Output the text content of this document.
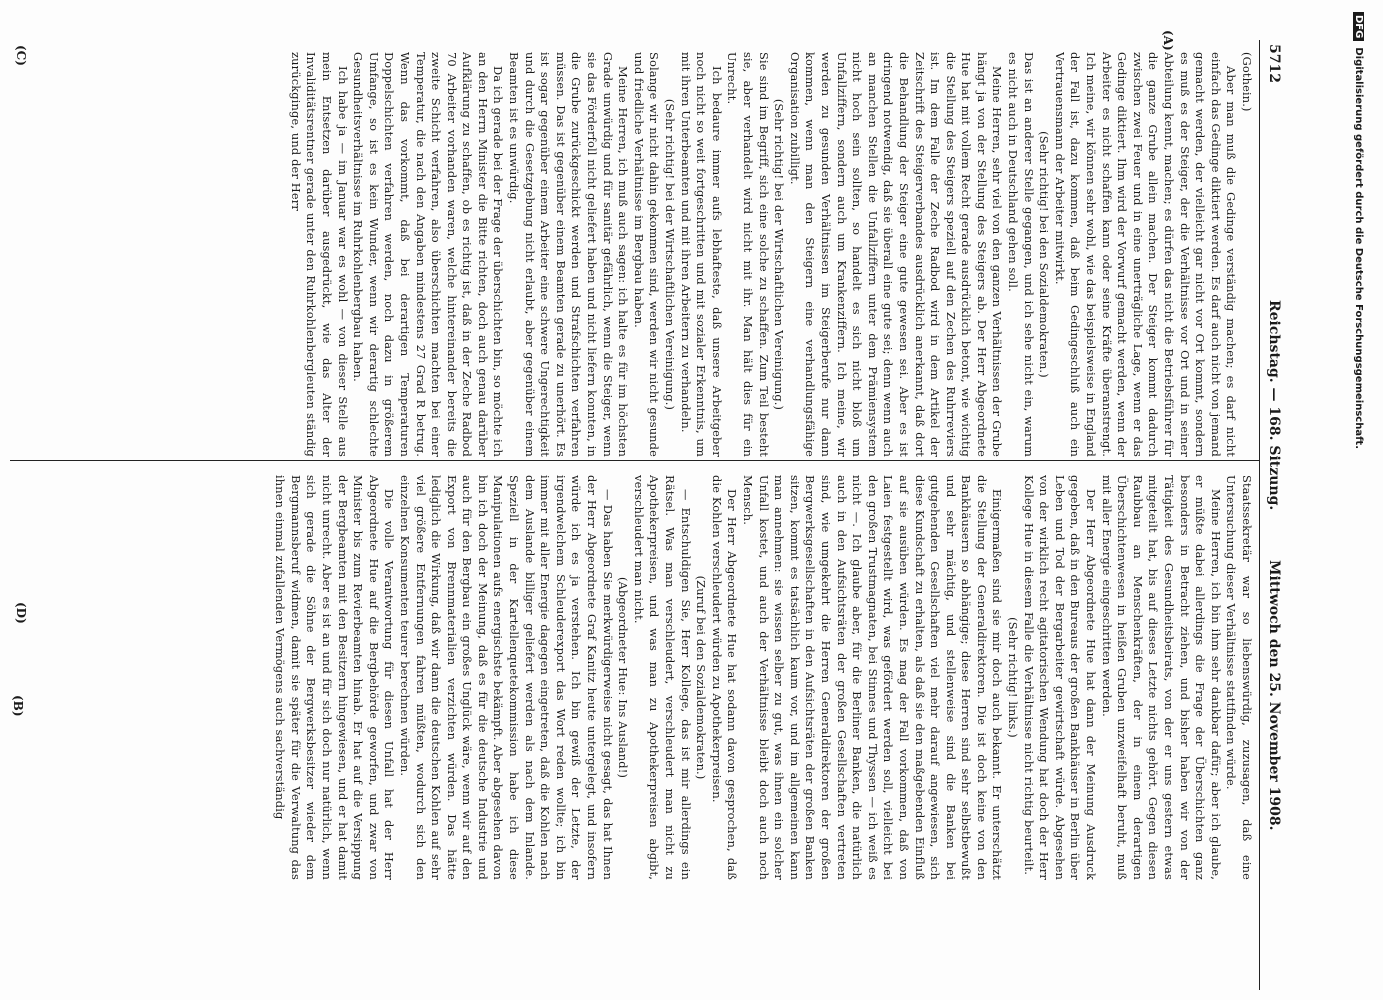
5712
Reichstag. — 168. Sitzung.
Mittwoch den 25. November 1908.
(A)
(B)
(C)
(D)

(Gothein.)

Aber man muß die Gedinge verständig machen; es darf nicht einfach das Gedinge diktiert werden. Es darf auch nicht von jemand gemacht werden, der vielleicht gar nicht vor Ort kommt, sondern es muß es der Steiger, der die Verhältnisse vor Ort und in seiner Abteilung kennt, machen; es dürfen das nicht die Betriebsführer für die ganze Grube allein machen. Der Steiger kommt dadurch zwischen zwei Feuer und in eine unerträgliche Lage, wenn er das Gedinge diktiert. Ihm wird der Vorwurf gemacht werden, wenn der Arbeiter es nicht schaffen kann oder seine Kräfte überanstrengt. Ich meine, wir können sehr wohl, wie das beispielsweise in England der Fall ist, dazu kommen, daß beim Gedingeschluß auch ein Vertrauensmann der Arbeiter mitwirkt.

(Sehr richtig! bei den Sozialdemokraten.)

Das ist an anderer Stelle gegangen, und ich sehe nicht ein, warum es nicht auch in Deutschland gehen soll.

Meine Herren, sehr viel von den ganzen Verhältnissen der Grube hängt ja von der Stellung des Steigers ab. Der Herr Abgeordnete Hue hat mit vollem Recht gerade ausdrücklich betont, wie wichtig die Stellung des Steigers speziell auf den Zechen des Ruhrreviers ist. Im dem Falle der Zeche Radbod wird in dem Artikel der Zeitschrift des Steigerverbandes ausdrücklich anerkannt, daß dort die Behandlung der Steiger eine gute gewesen sei. Aber es ist dringend notwendig, daß sie überall eine gute sei; denn wenn auch an manchen Stellen die Unfallziffern unter dem Prämiensystem nicht hoch sein sollten, so handelt es sich nicht bloß um Unfallziffern, sondern auch um Krankenziffern. Ich meine, wir werden zu gesunden Verhältnissen im Steigerberufe nur dann kommen, wenn man den Steigern eine verhandlungsfähige Organisation zubilligt.

(Sehr richtig! bei der Wirtschaftlichen Vereinigung.)

Sie sind im Begriff, sich eine solche zu schaffen. Zum Teil besteht sie, aber verhandelt wird nicht mit ihr. Man hält dies für ein Unrecht.

Ich bedaure immer aufs lebhafteste, daß unsere Arbeitgeber noch nicht so weit fortgeschritten und mit sozialer Erkenntnis, um mit ihren Unterbeamten und mit ihren Arbeitern zu verhandeln.

(Sehr richtig! bei der Wirtschaftlichen Vereinigung.)

Solange wir nicht dahin gekommen sind, werden wir nicht gesunde und friedliche Verhältnisse im Bergbau haben.

Meine Herren, ich muß auch sagen: ich halte es für im höchsten Grade unwürdig und für sanitär gefährlich, wenn die Steiger, wenn sie das Förderfoll nicht geliefert haben und nicht liefern konnten, in die Grube zurückgeschickt werden und Strafschichten verfahren müssen. Das ist gegenüber einem Beamten gerade zu unerhört. Es ist sogar gegenüber einem Arbeiter eine schwere Ungerechtigkeit und durch die Gesetzgebung nicht erlaubt, aber gegenüber einem Beamten ist es unwürdig.

Da ich gerade bei der Frage der überschichten bin, so möchte ich an den Herrn Minister die Bitte richten, doch auch genau darüber Aufklärung zu schaffen, ob es richtig ist, daß in der Zeche Radbod 70 Arbeiter vorhanden waren, welche hintereinander bereits die zweite Schicht verfahren, also überschichten machten bei einer Temperatur, die nach den Angaben mindestens 27 Grad R betrug. Wenn das vorkommt, daß bei derartigen Temperaturen Doppelschichten verfahren werden, noch dazu in größerem Umfange, so ist es kein Wunder, wenn wir derartig schlechte Gesundheitsverhältnisse im Ruhrkohlenbergbau haben.

Ich habe ja — im Januar war es wohl — von dieser Stelle aus mein Entsetzen darüber ausgedrückt, wie das Alter der Invaliditätsrentner gerade unter den Ruhrkohlenbergleuten ständig zurückginge, und der Herr

Staatssekretär war so liebenswürdig, zuzusagen, daß eine Untersuchung dieser Verhältnisse stattfinden würde.

Meine Herren, ich bin ihm sehr dankbar dafür; aber ich glaube, er müßte dabei allerdings die Frage der Überschichten ganz besonders in Betracht ziehen, und bisher haben wir von der Tätigkeit des Gesundheitsbeirats, von der er uns gestern etwas mitgeteilt hat, bis auf dieses Letzte nichts gehört. Gegen diesen Raubbau an Menschenkräften, der in einem derartigen Überschichtenwesen in heißen Gruben unzweifelhaft beruht, muß mit aller Energie eingeschritten werden.

Der Herr Abgeordnete Hue hat dann der Meinung Ausdruck gegeben, daß in den Bureaus der großen Bankhäuser in Berlin über Leben und Tod der Bergarbeiter gewirtschaft würde. Abgesehen von der wirklich recht agitatorischen Wendung hat doch der Herr Kollege Hue in diesem Falle die Verhältnisse nicht richtig beurteilt.

(Sehr richtig! links.)

Einigermaßen sind sie mir doch auch bekannt. Er unterschätzt die Stellung der Generaldirektoren. Die ist doch keine von den Bankhäusern so abhängige; diese Herren sind sehr selbstbewußt und sehr mächtig, und stellenweise sind die Banken bei gutgehenden Gesellschaften viel mehr darauf angewiesen, sich diese Kundschaft zu erhalten, als daß sie den maßgebenden Einfluß auf sie ausüben würden. Es mag der Fall vorkommen, daß von Laien festgestellt wird, was gefördert werden soll, vielleicht bei den großen Trustmagnaten, bei Stinnes und Thyssen — ich weiß es nicht —. Ich glaube aber, für die Berliner Banken, die natürlich auch in den Aufsichtsräten der großen Gesellschaften vertreten sind, wie umgekehrt die Herren Generaldirektoren der großen Bergwerksgesellschaften in den Aufsichtsräten der großen Banken sitzen, kommt es tatsächlich kaum vor, und im allgemeinen kann man annehmen: sie wissen selber zu gut, was ihnen ein solcher Unfall kostet, und auch der Verhältnisse bleibt doch auch noch Mensch.

Der Herr Abgeordnete Hue hat sodann davon gesprochen, daß die Kohlen verschleudert würden zu Apothekerpreisen.

(Zuruf bei den Sozialdemokraten.)

— Entschuldigen Sie, Herr Kollege, das ist mir allerdings ein Rätsel. Was man verschleudert, verschleudert man nicht zu Apothekerpreisen, und was man zu Apothekerpreisen abgibt, verschleudert man nicht.

(Abgeordneter Hue: Ins Ausland!)

— Das haben Sie merkwürdigerweise nicht gesagt, das hat Ihnen der Herr Abgeordnete Graf Kanitz heute untergelegt, und insofern würde ich es ja verstehen. Ich bin gewiß der Letzte, der irgendwelchem Schleuderexport das Wort reden wollte; ich bin immer mit aller Energie dagegen eingetreten, daß die Kohlen nach dem Auslande billiger geliefert werden als nach dem Inlande. Speziell in der Kartellenquetekommission habe ich diese Manipulationen aufs energischste bekämpft. Aber abgesehen davon bin ich doch der Meinung, daß es für die deutsche Industrie und auch für den Bergbau ein großes Unglück wäre, wenn wir auf den Export von Brennmaterialien verzichten würden. Das hätte lediglich die Wirkung, daß wir dann die deutschen Kohlen auf sehr viel größere Entfernungen fahren müßten, wodurch sich den einzelnen Konsumenten teurer berechnen würden.

Die volle Verantwortung für diesen Unfall hat der Herr Abgeordnete Hue auf die Bergbehörde geworfen, und zwar von Minister bis zum Revierbeamten hinab. Er hat auf die Versippung der Bergbeamten mit den Besitzern hingewiesen, und er hat damit nicht unrecht. Aber es ist an und für sich doch nur natürlich, wenn sich gerade die Söhne der Bergwerksbesitzer wieder dem Bergmannsberuf widmen, damit sie später für die Verwaltung das ihnen einmal zufallenden Vermögens auch sachverständig

DFGDigitalisierung gefördert durch die Deutsche Forschungsgemeinschaft.
